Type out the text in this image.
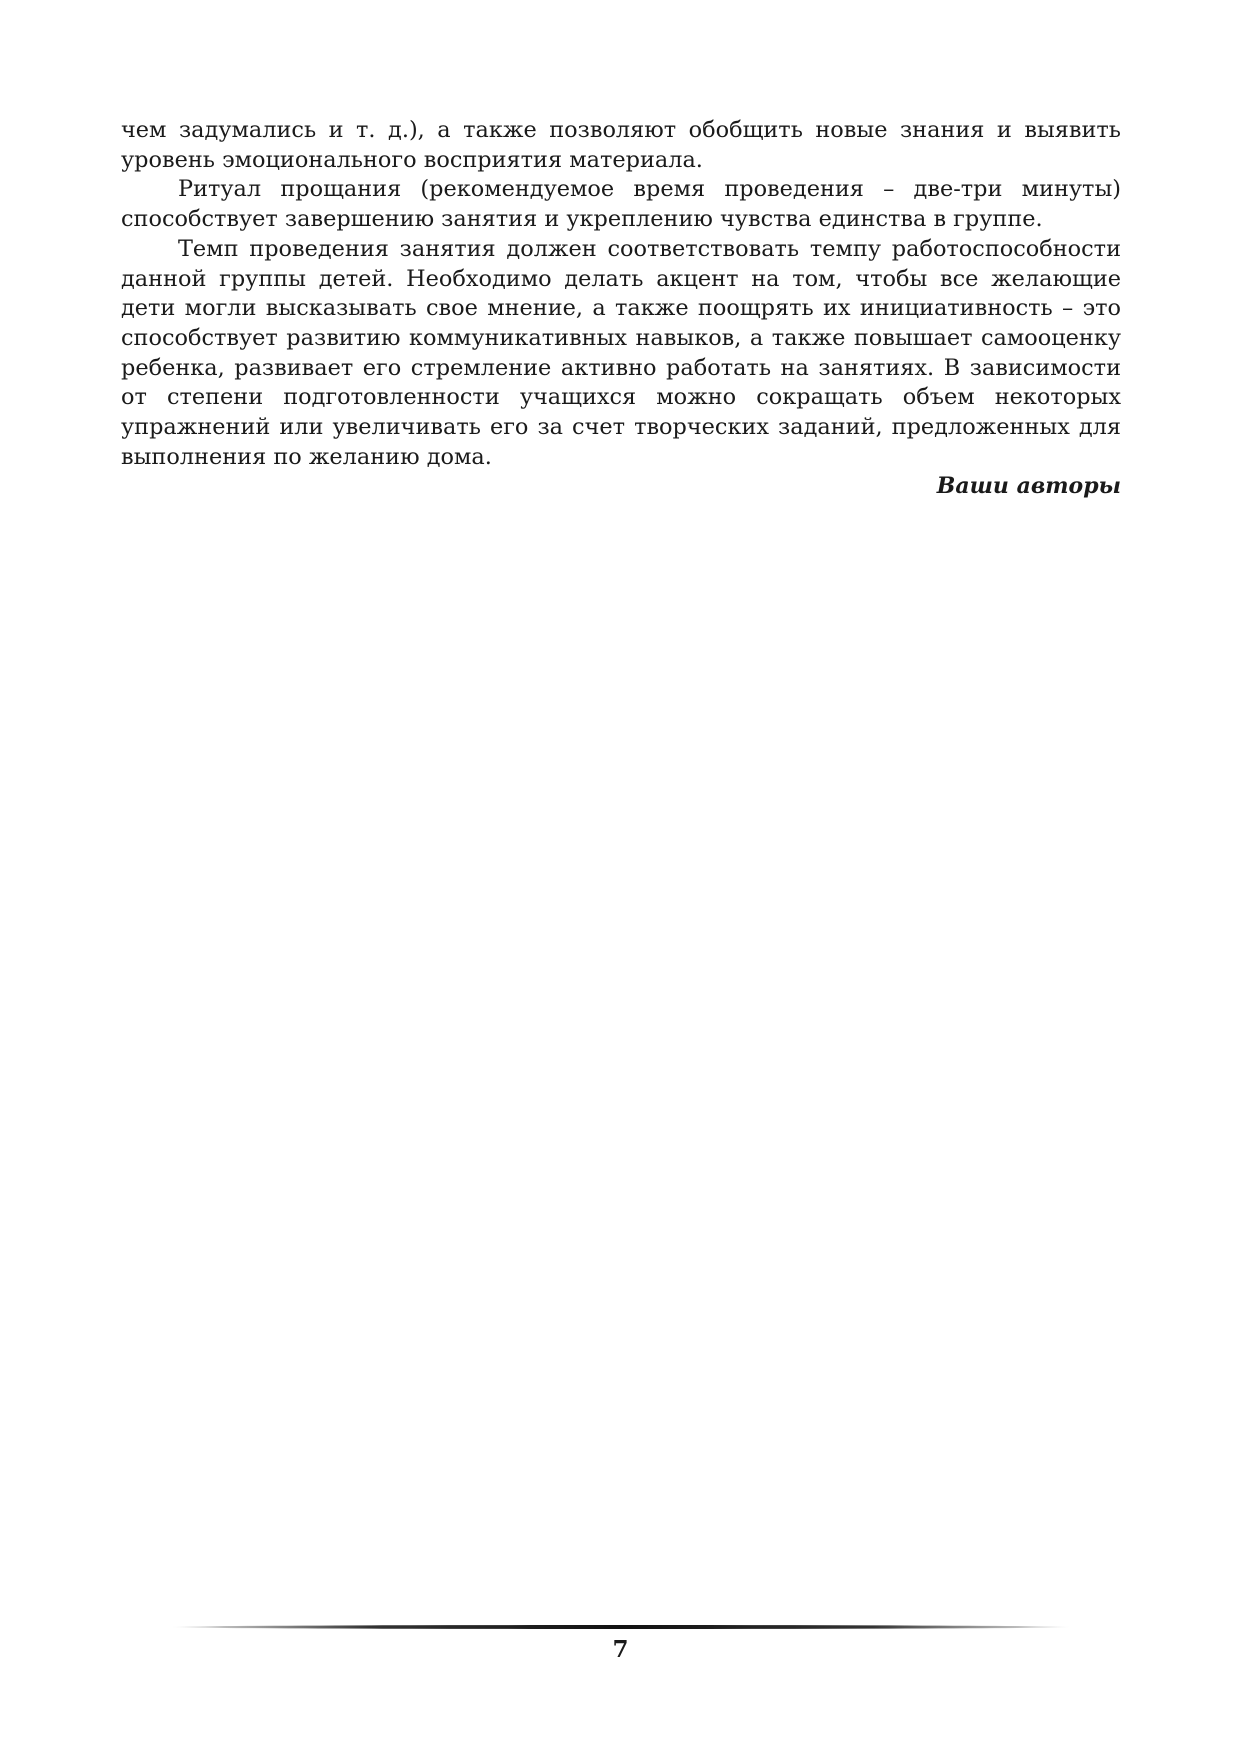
чем задумались и т. д.), а также позволяют обобщить новые знания и выявить уровень эмоционального восприятия материала.

Ритуал прощания (рекомендуемое время проведения – две-три минуты) способствует завершению занятия и укреплению чувства единства в группе.

Темп проведения занятия должен соответствовать темпу работоспособности данной группы детей. Необходимо делать акцент на том, чтобы все желающие дети могли высказывать свое мнение, а также поощрять их инициативность – это способствует развитию коммуникативных навыков, а также повышает самооценку ребенка, развивает его стремление активно работать на занятиях. В зависимости от степени подготовленности учащихся можно сокращать объем некоторых упражнений или увеличивать его за счет творческих заданий, предложенных для выполнения по желанию дома.

Ваши авторы

7
